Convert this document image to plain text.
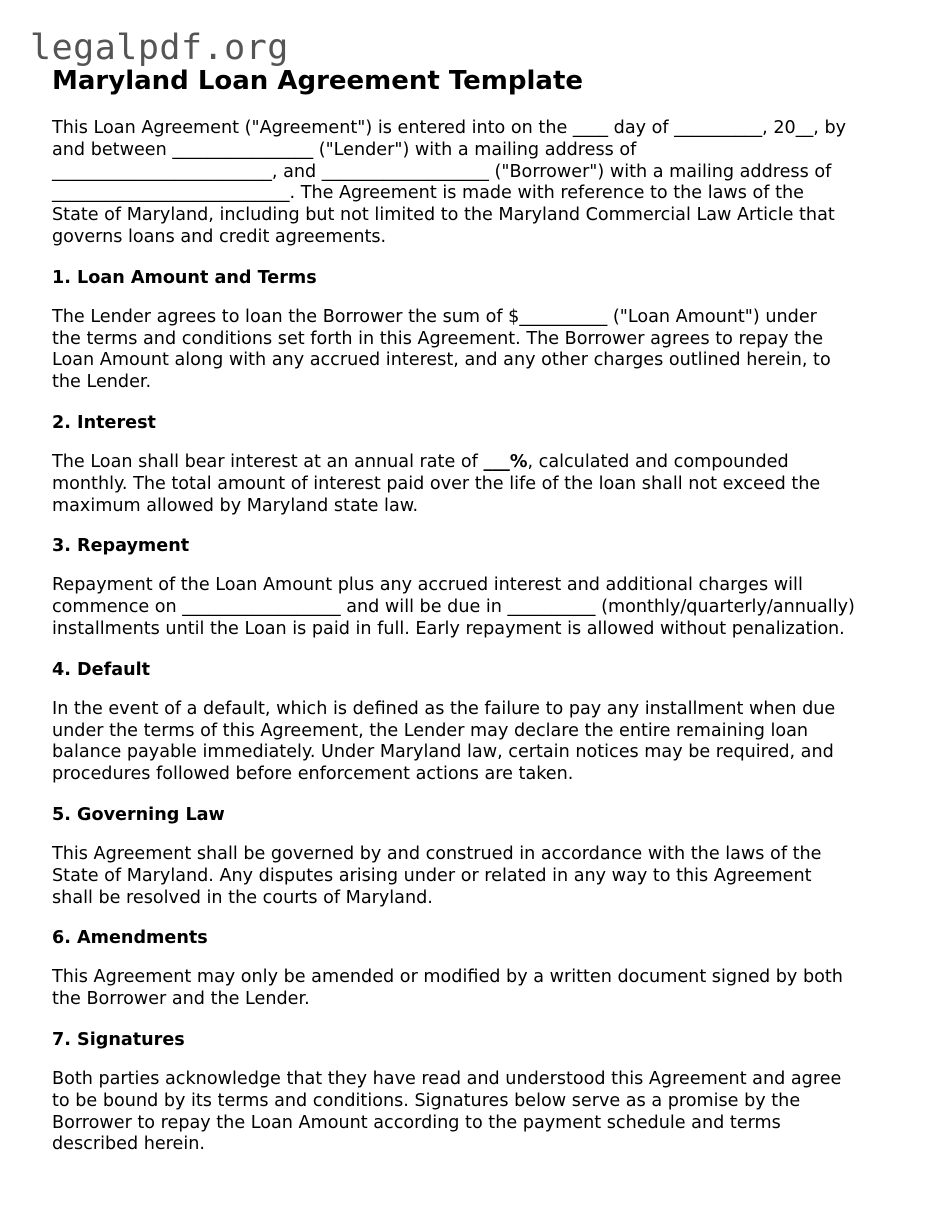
legalpdf.org
Maryland Loan Agreement Template

This Loan Agreement ("Agreement") is entered into on the ____ day of __________, 20__, by
and between ________________ ("Lender") with a mailing address of
_________________________, and ___________________ ("Borrower") with a mailing address of
___________________________. The Agreement is made with reference to the laws of the
State of Maryland, including but not limited to the Maryland Commercial Law Article that
governs loans and credit agreements.

1. Loan Amount and Terms

The Lender agrees to loan the Borrower the sum of $__________ ("Loan Amount") under
the terms and conditions set forth in this Agreement. The Borrower agrees to repay the
Loan Amount along with any accrued interest, and any other charges outlined herein, to
the Lender.

2. Interest

The Loan shall bear interest at an annual rate of ___%, calculated and compounded
monthly. The total amount of interest paid over the life of the loan shall not exceed the
maximum allowed by Maryland state law.

3. Repayment

Repayment of the Loan Amount plus any accrued interest and additional charges will
commence on __________________ and will be due in __________ (monthly/quarterly/annually)
installments until the Loan is paid in full. Early repayment is allowed without penalization.

4. Default

In the event of a default, which is defined as the failure to pay any installment when due
under the terms of this Agreement, the Lender may declare the entire remaining loan
balance payable immediately. Under Maryland law, certain notices may be required, and
procedures followed before enforcement actions are taken.

5. Governing Law

This Agreement shall be governed by and construed in accordance with the laws of the
State of Maryland. Any disputes arising under or related in any way to this Agreement
shall be resolved in the courts of Maryland.

6. Amendments

This Agreement may only be amended or modified by a written document signed by both
the Borrower and the Lender.

7. Signatures

Both parties acknowledge that they have read and understood this Agreement and agree
to be bound by its terms and conditions. Signatures below serve as a promise by the
Borrower to repay the Loan Amount according to the payment schedule and terms
described herein.
